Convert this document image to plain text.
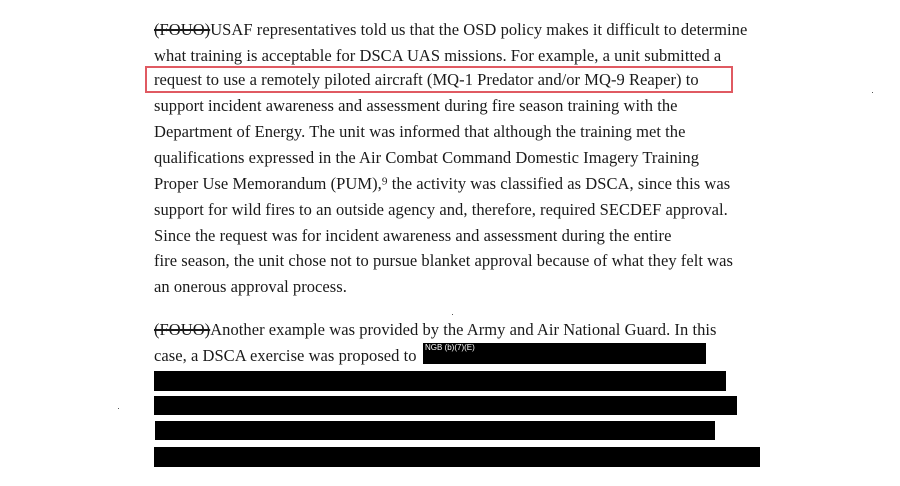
(FOUO)USAF representatives told us that the OSD policy makes it difficult to determine
what training is acceptable for DSCA UAS missions. For example, a unit submitted a
request to use a remotely piloted aircraft (MQ-1 Predator and/or MQ-9 Reaper) to
support incident awareness and assessment during fire season training with the
Department of Energy. The unit was informed that although the training met the
qualifications expressed in the Air Combat Command Domestic Imagery Training
Proper Use Memorandum (PUM),⁹ the activity was classified as DSCA, since this was
support for wild fires to an outside agency and, therefore, required SECDEF approval.
Since the request was for incident awareness and assessment during the entire
fire season, the unit chose not to pursue blanket approval because of what they felt was
an onerous approval process.
(FOUO)Another example was provided by the Army and Air National Guard. In this
case, a DSCA exercise was proposed to NGB (b)(7)(E)
